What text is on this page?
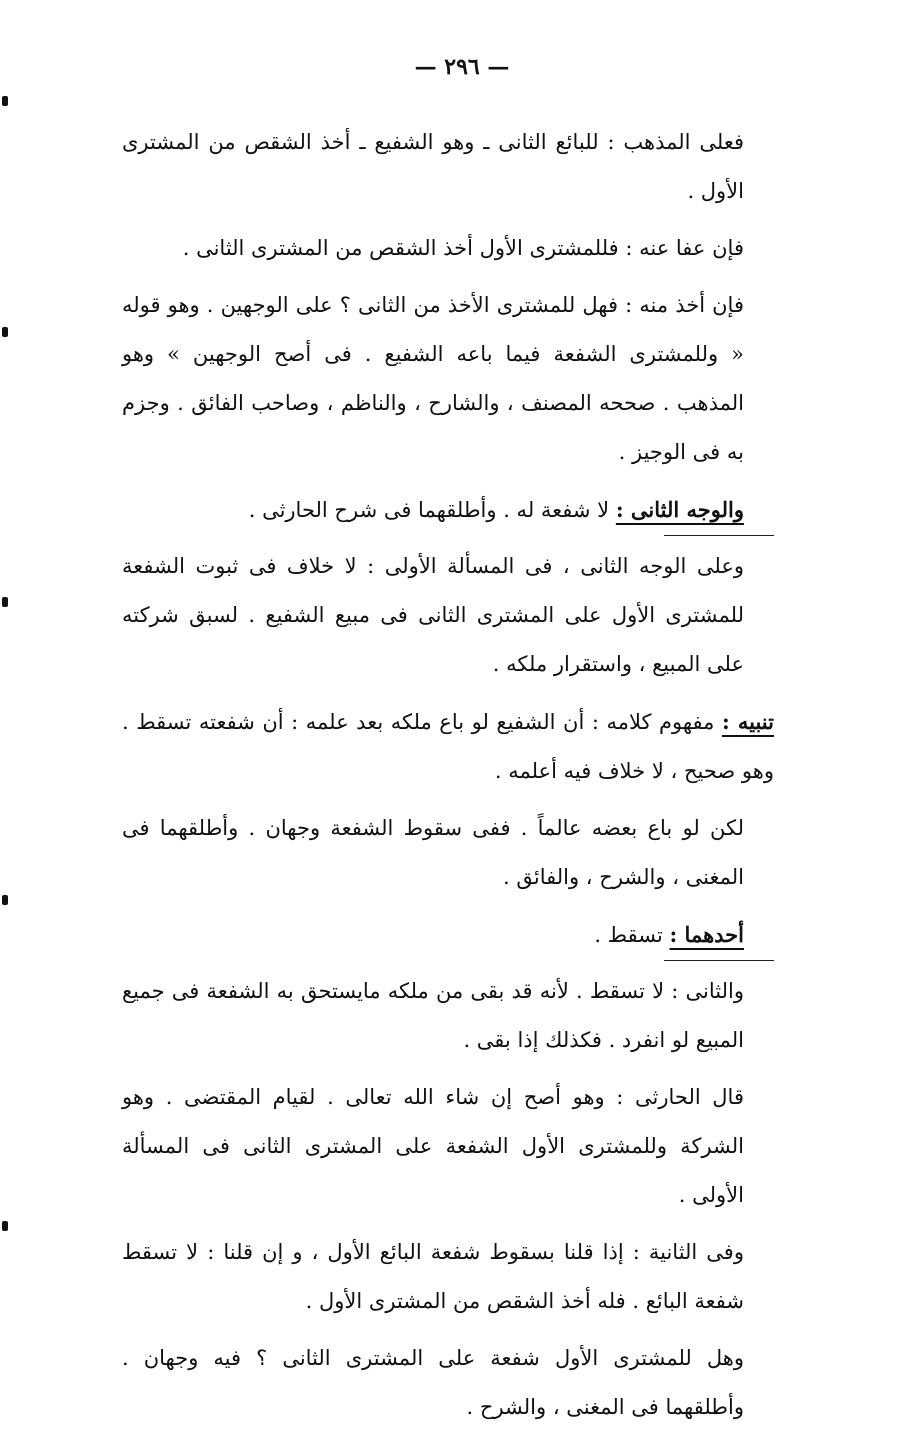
— ٢٩٦ —

فعلى المذهب : للبائع الثانى ـ وهو الشفيع ـ أخذ الشقص من المشترى الأول .

فإن عفا عنه : فللمشترى الأول أخذ الشقص من المشترى الثانى .

فإن أخذ منه : فهل للمشترى الأخذ من الثانى ؟ على الوجهين . وهو قوله « وللمشترى الشفعة فيما باعه الشفيع . فى أصح الوجهين » وهو المذهب . صححه المصنف ، والشارح ، والناظم ، وصاحب الفائق . وجزم به فى الوجيز .

والوجه الثانى : لا شفعة له . وأطلقهما فى شرح الحارثى .

وعلى الوجه الثانى ، فى المسألة الأولى : لا خلاف فى ثبوت الشفعة للمشترى الأول على المشترى الثانى فى مبيع الشفيع . لسبق شركته على المبيع ، واستقرار ملكه .

تنبيه : مفهوم كلامه : أن الشفيع لو باع ملكه بعد علمه : أن شفعته تسقط . وهو صحيح ، لا خلاف فيه أعلمه .

لكن لو باع بعضه عالماً . ففى سقوط الشفعة وجهان . وأطلقهما فى المغنى ، والشرح ، والفائق .

أحدهما : تسقط .

والثانى : لا تسقط . لأنه قد بقى من ملكه مايستحق به الشفعة فى جميع المبيع لو انفرد . فكذلك إذا بقى .

قال الحارثى : وهو أصح إن شاء الله تعالى . لقيام المقتضى . وهو الشركة وللمشترى الأول الشفعة على المشترى الثانى فى المسألة الأولى .

وفى الثانية : إذا قلنا بسقوط شفعة البائع الأول ، و إن قلنا : لا تسقط شفعة البائع . فله أخذ الشقص من المشترى الأول .

وهل للمشترى الأول شفعة على المشترى الثانى ؟ فيه وجهان . وأطلقهما فى المغنى ، والشرح .
